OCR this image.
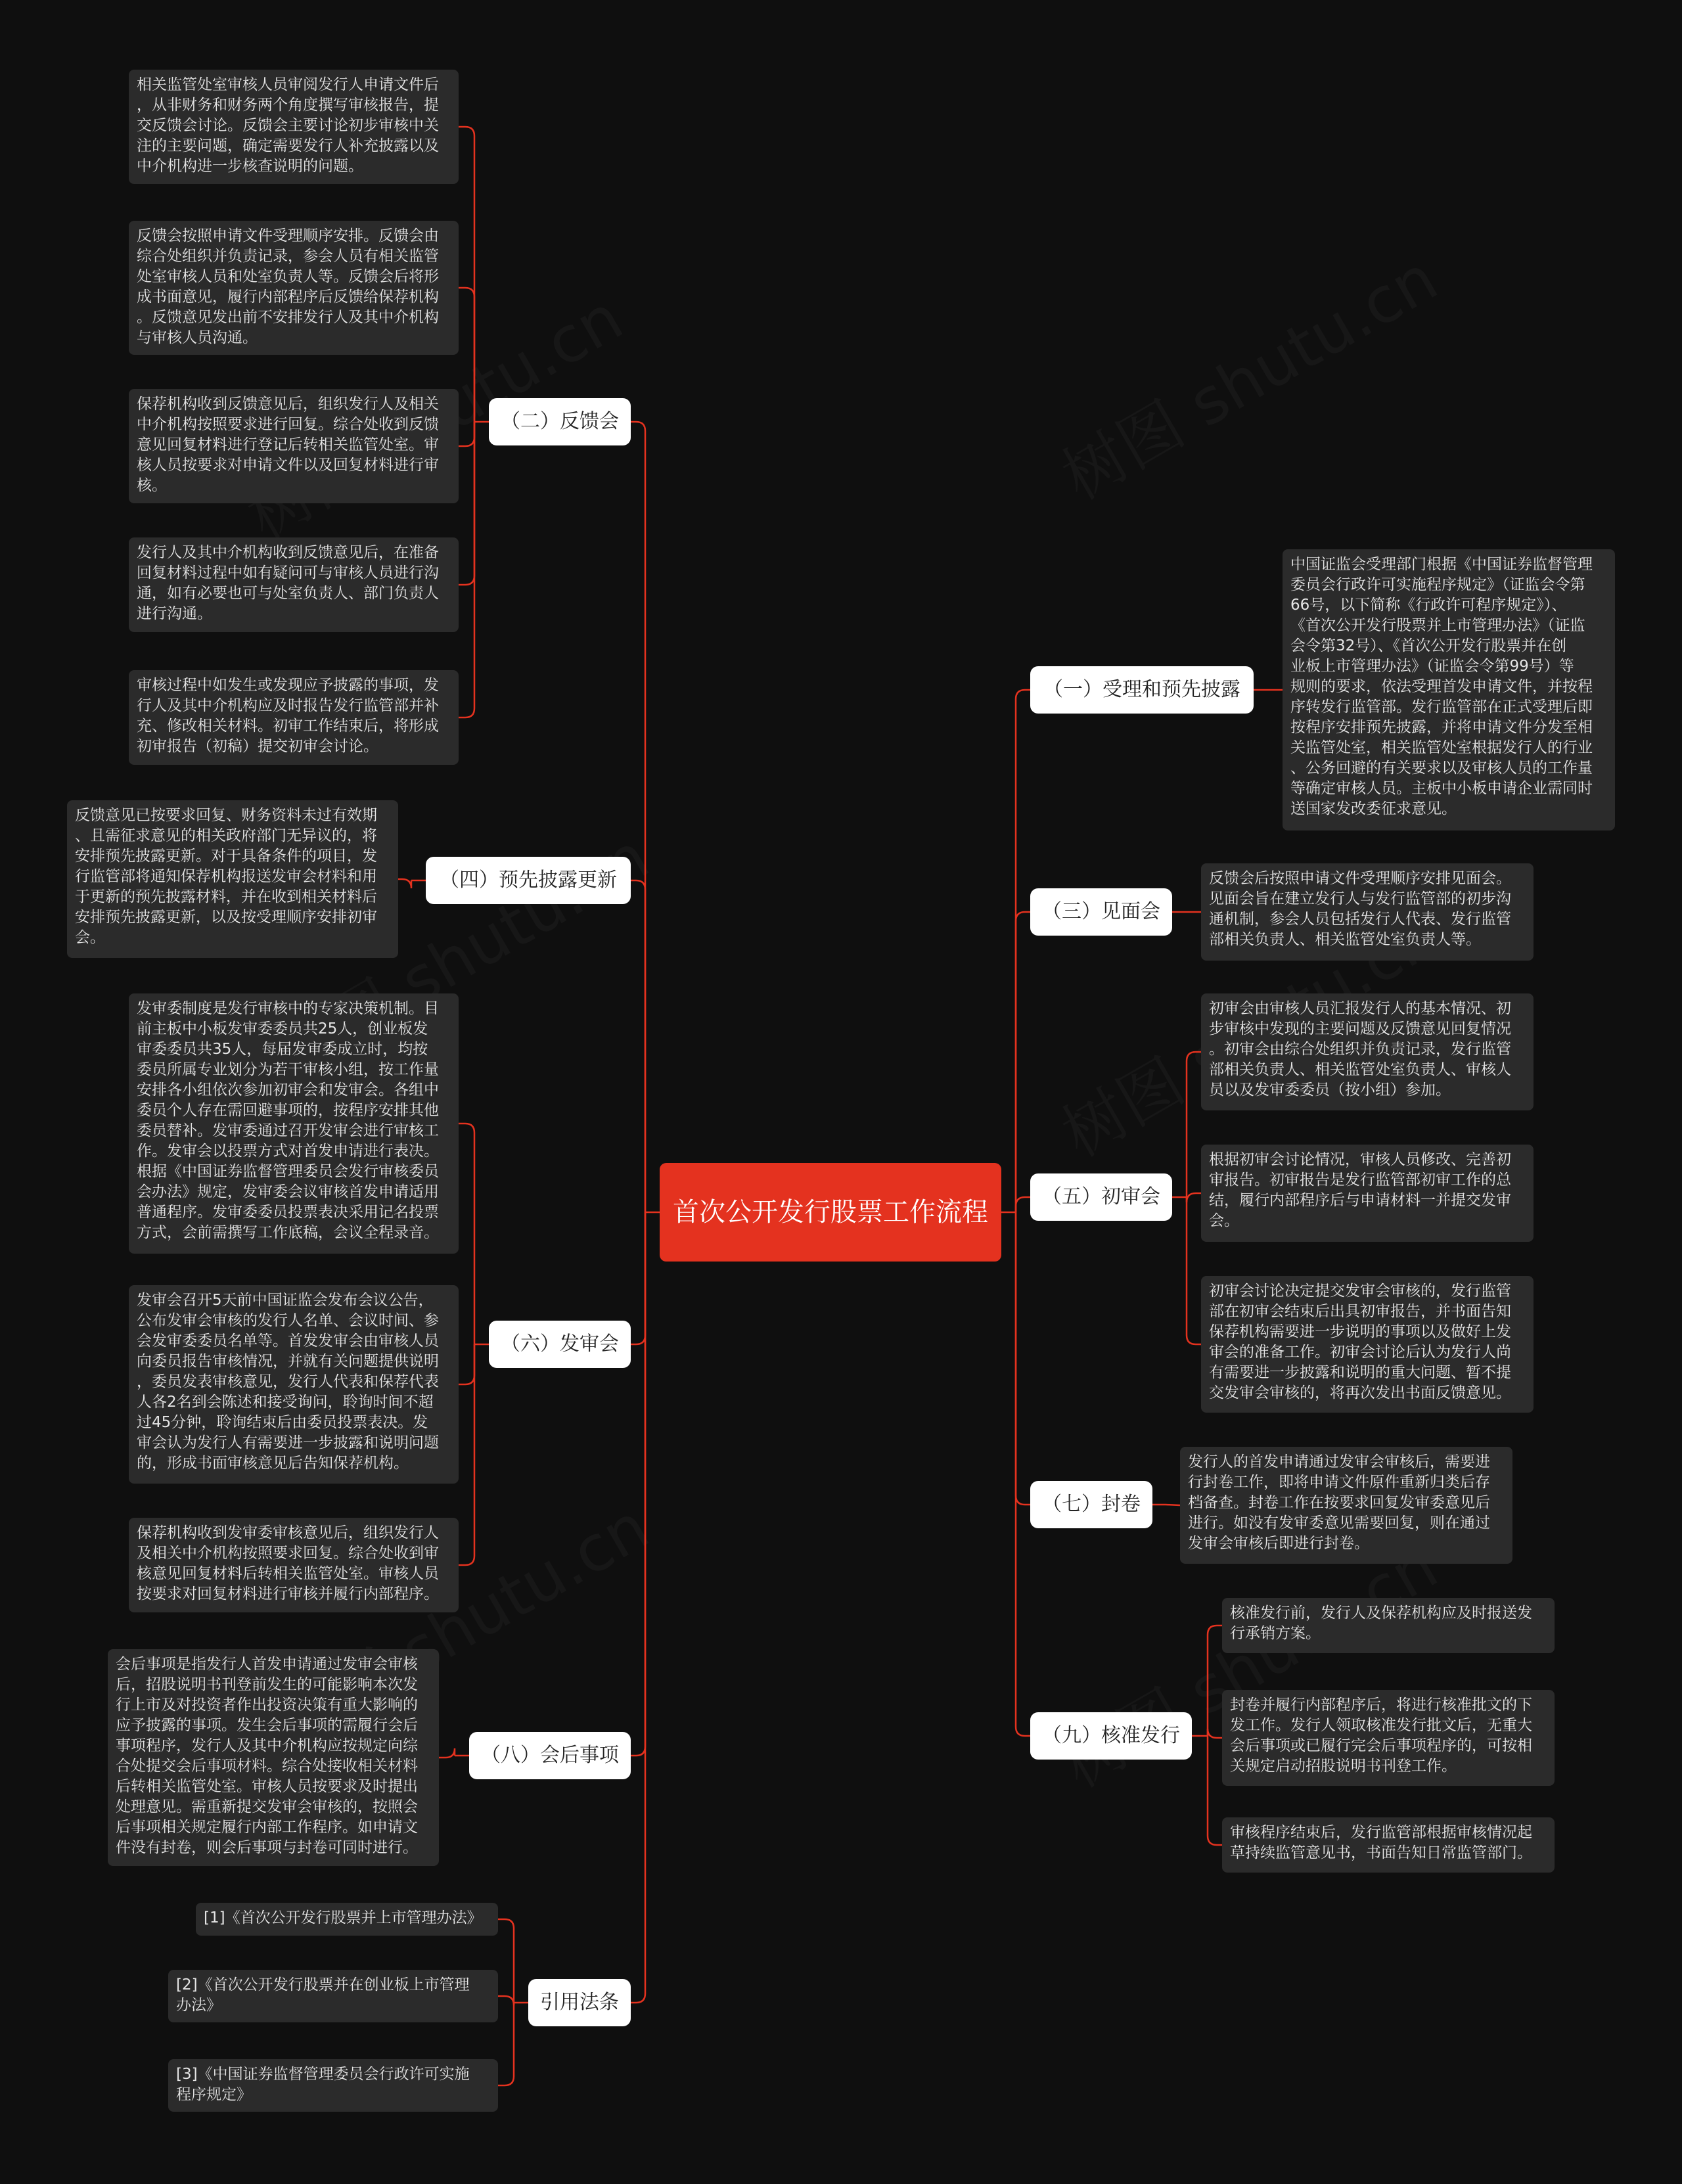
首次公开发行股票工作流程
（二）反馈会
（四）预先披露更新
（六）发审会
（八）会后事项
引用法条
（一）受理和预先披露
（三）见面会
（五）初审会
（七）封卷
（九）核准发行
相关监管处室审核人员审阅发行人申请文件后
，从非财务和财务两个角度撰写审核报告，提
交反馈会讨论。反馈会主要讨论初步审核中关
注的主要问题，确定需要发行人补充披露以及
中介机构进一步核查说明的问题。
反馈会按照申请文件受理顺序安排。反馈会由
综合处组织并负责记录，参会人员有相关监管
处室审核人员和处室负责人等。反馈会后将形
成书面意见，履行内部程序后反馈给保荐机构
。反馈意见发出前不安排发行人及其中介机构
与审核人员沟通。
保荐机构收到反馈意见后，组织发行人及相关
中介机构按照要求进行回复。综合处收到反馈
意见回复材料进行登记后转相关监管处室。审
核人员按要求对申请文件以及回复材料进行审
核。
发行人及其中介机构收到反馈意见后，在准备
回复材料过程中如有疑问可与审核人员进行沟
通，如有必要也可与处室负责人、部门负责人
进行沟通。
审核过程中如发生或发现应予披露的事项，发
行人及其中介机构应及时报告发行监管部并补
充、修改相关材料。初审工作结束后，将形成
初审报告（初稿）提交初审会讨论。
反馈意见已按要求回复、财务资料未过有效期
、且需征求意见的相关政府部门无异议的，将
安排预先披露更新。对于具备条件的项目，发
行监管部将通知保荐机构报送发审会材料和用
于更新的预先披露材料，并在收到相关材料后
安排预先披露更新，以及按受理顺序安排初审
会。
发审委制度是发行审核中的专家决策机制。目
前主板中小板发审委委员共25人，创业板发
审委委员共35人，每届发审委成立时，均按
委员所属专业划分为若干审核小组，按工作量
安排各小组依次参加初审会和发审会。各组中
委员个人存在需回避事项的，按程序安排其他
委员替补。发审委通过召开发审会进行审核工
作。发审会以投票方式对首发申请进行表决。
根据《中国证券监督管理委员会发行审核委员
会办法》规定，发审委会议审核首发申请适用
普通程序。发审委委员投票表决采用记名投票
方式，会前需撰写工作底稿，会议全程录音。
发审会召开5天前中国证监会发布会议公告，
公布发审会审核的发行人名单、会议时间、参
会发审委委员名单等。首发发审会由审核人员
向委员报告审核情况，并就有关问题提供说明
，委员发表审核意见，发行人代表和保荐代表
人各2名到会陈述和接受询问，聆询时间不超
过45分钟，聆询结束后由委员投票表决。发
审会认为发行人有需要进一步披露和说明问题
的，形成书面审核意见后告知保荐机构。
保荐机构收到发审委审核意见后，组织发行人
及相关中介机构按照要求回复。综合处收到审
核意见回复材料后转相关监管处室。审核人员
按要求对回复材料进行审核并履行内部程序。
会后事项是指发行人首发申请通过发审会审核
后，招股说明书刊登前发生的可能影响本次发
行上市及对投资者作出投资决策有重大影响的
应予披露的事项。发生会后事项的需履行会后
事项程序，发行人及其中介机构应按规定向综
合处提交会后事项材料。综合处接收相关材料
后转相关监管处室。审核人员按要求及时提出
处理意见。需重新提交发审会审核的，按照会
后事项相关规定履行内部工作程序。如申请文
件没有封卷，则会后事项与封卷可同时进行。
[1]《首次公开发行股票并上市管理办法》
[2]《首次公开发行股票并在创业板上市管理
办法》
[3]《中国证券监督管理委员会行政许可实施
程序规定》
中国证监会受理部门根据《中国证券监督管理
委员会行政许可实施程序规定》（证监会令第
66号，以下简称《行政许可程序规定》）、
《首次公开发行股票并上市管理办法》（证监
会令第32号）、《首次公开发行股票并在创
业板上市管理办法》（证监会令第99号）等
规则的要求，依法受理首发申请文件，并按程
序转发行监管部。发行监管部在正式受理后即
按程序安排预先披露，并将申请文件分发至相
关监管处室，相关监管处室根据发行人的行业
、公务回避的有关要求以及审核人员的工作量
等确定审核人员。主板中小板申请企业需同时
送国家发改委征求意见。
反馈会后按照申请文件受理顺序安排见面会。
见面会旨在建立发行人与发行监管部的初步沟
通机制，参会人员包括发行人代表、发行监管
部相关负责人、相关监管处室负责人等。
初审会由审核人员汇报发行人的基本情况、初
步审核中发现的主要问题及反馈意见回复情况
。初审会由综合处组织并负责记录，发行监管
部相关负责人、相关监管处室负责人、审核人
员以及发审委委员（按小组）参加。
根据初审会讨论情况，审核人员修改、完善初
审报告。初审报告是发行监管部初审工作的总
结，履行内部程序后与申请材料一并提交发审
会。
初审会讨论决定提交发审会审核的，发行监管
部在初审会结束后出具初审报告，并书面告知
保荐机构需要进一步说明的事项以及做好上发
审会的准备工作。初审会讨论后认为发行人尚
有需要进一步披露和说明的重大问题、暂不提
交发审会审核的，将再次发出书面反馈意见。
发行人的首发申请通过发审会审核后，需要进
行封卷工作，即将申请文件原件重新归类后存
档备查。封卷工作在按要求回复发审委意见后
进行。如没有发审委意见需要回复，则在通过
发审会审核后即进行封卷。
核准发行前，发行人及保荐机构应及时报送发
行承销方案。
封卷并履行内部程序后，将进行核准批文的下
发工作。发行人领取核准发行批文后，无重大
会后事项或已履行完会后事项程序的，可按相
关规定启动招股说明书刊登工作。
审核程序结束后，发行监管部根据审核情况起
草持续监管意见书，书面告知日常监管部门。
